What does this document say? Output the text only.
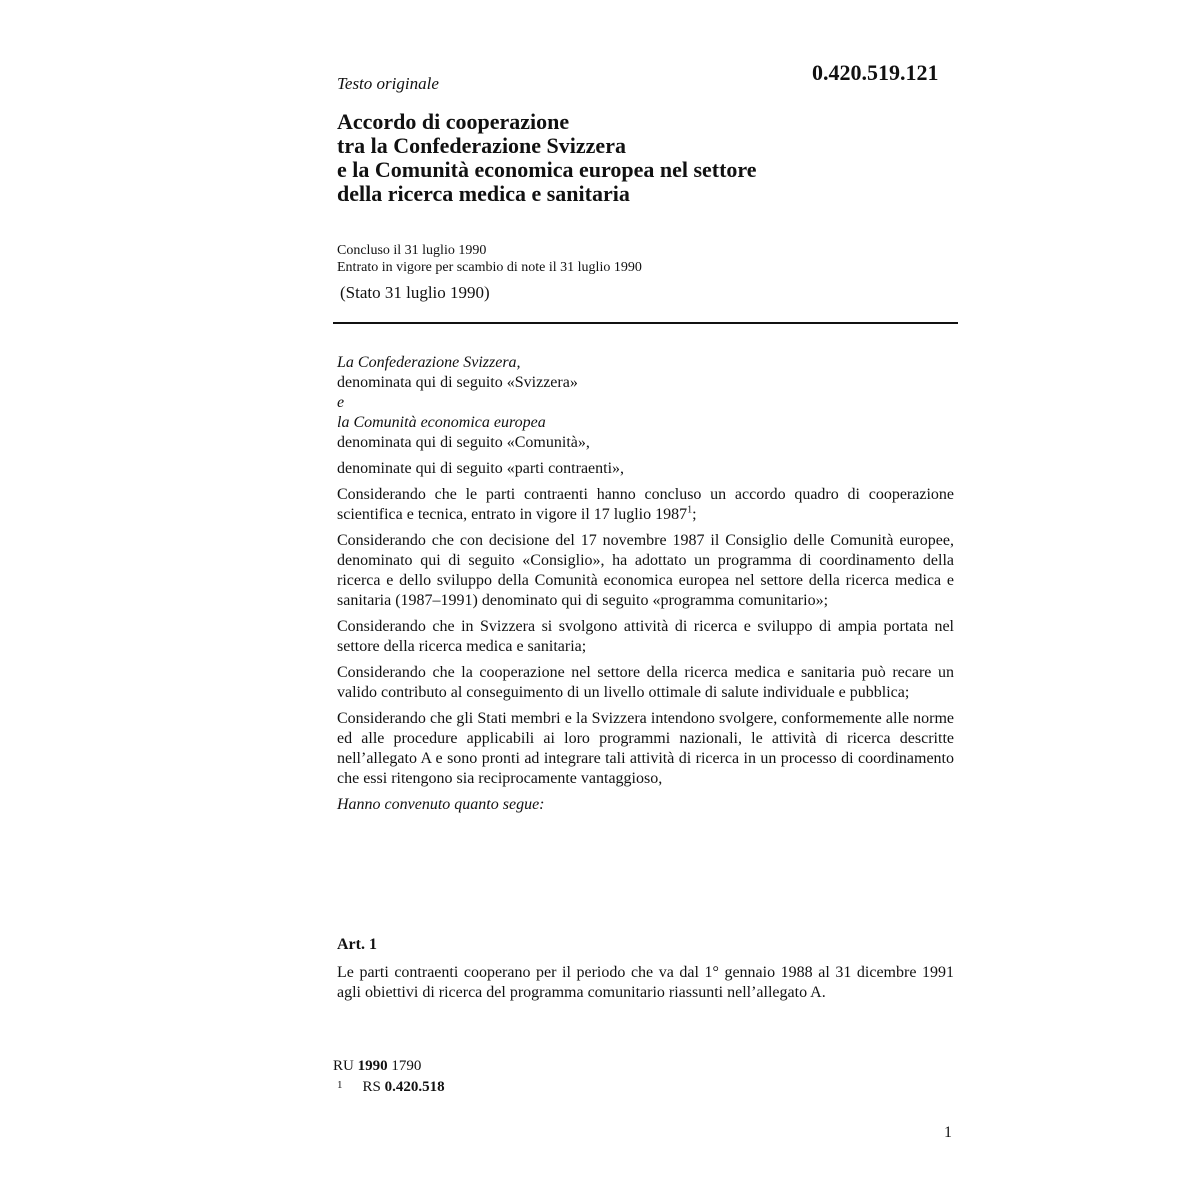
Testo originale	0.420.519.121
Accordo di cooperazione
tra la Confederazione Svizzera
e la Comunità economica europea nel settore
della ricerca medica e sanitaria
Concluso il 31 luglio 1990
Entrato in vigore per scambio di note il 31 luglio 1990
(Stato 31 luglio 1990)
La Confederazione Svizzera,
denominata qui di seguito «Svizzera»
e
la Comunità economica europea

denominata qui di seguito «Comunità»,

denominate qui di seguito «parti contraenti»,

Considerando che le parti contraenti hanno concluso un accordo quadro di cooperazione scientifica e tecnica, entrato in vigore il 17 luglio 1987$^1$;

Considerando che con decisione del 17 novembre 1987 il Consiglio delle Comunità europee, denominato qui di seguito «Consiglio», ha adottato un programma di coordinamento della ricerca e dello sviluppo della Comunità economica europea nel settore della ricerca medica e sanitaria (1987–1991) denominato qui di seguito «programma comunitario»;

Considerando che in Svizzera si svolgono attività di ricerca e sviluppo di ampia portata nel settore della ricerca medica e sanitaria;

Considerando che la cooperazione nel settore della ricerca medica e sanitaria può recare un valido contributo al conseguimento di un livello ottimale di salute individuale e pubblica;

Considerando che gli Stati membri e la Svizzera intendono svolgere, conformemente alle norme ed alle procedure applicabili ai loro programmi nazionali, le attività di ricerca descritte nell’allegato A e sono pronti ad integrare tali attività di ricerca in un processo di coordinamento che essi ritengono sia reciprocamente vantaggioso,

Hanno convenuto quanto segue:
Art. 1
Le parti contraenti cooperano per il periodo che va dal 1° gennaio 1988 al 31 dicembre 1991 agli obiettivi di ricerca del programma comunitario riassunti nell’allegato A.
RU 1990 1790
$^1$ RS 0.420.518
1
